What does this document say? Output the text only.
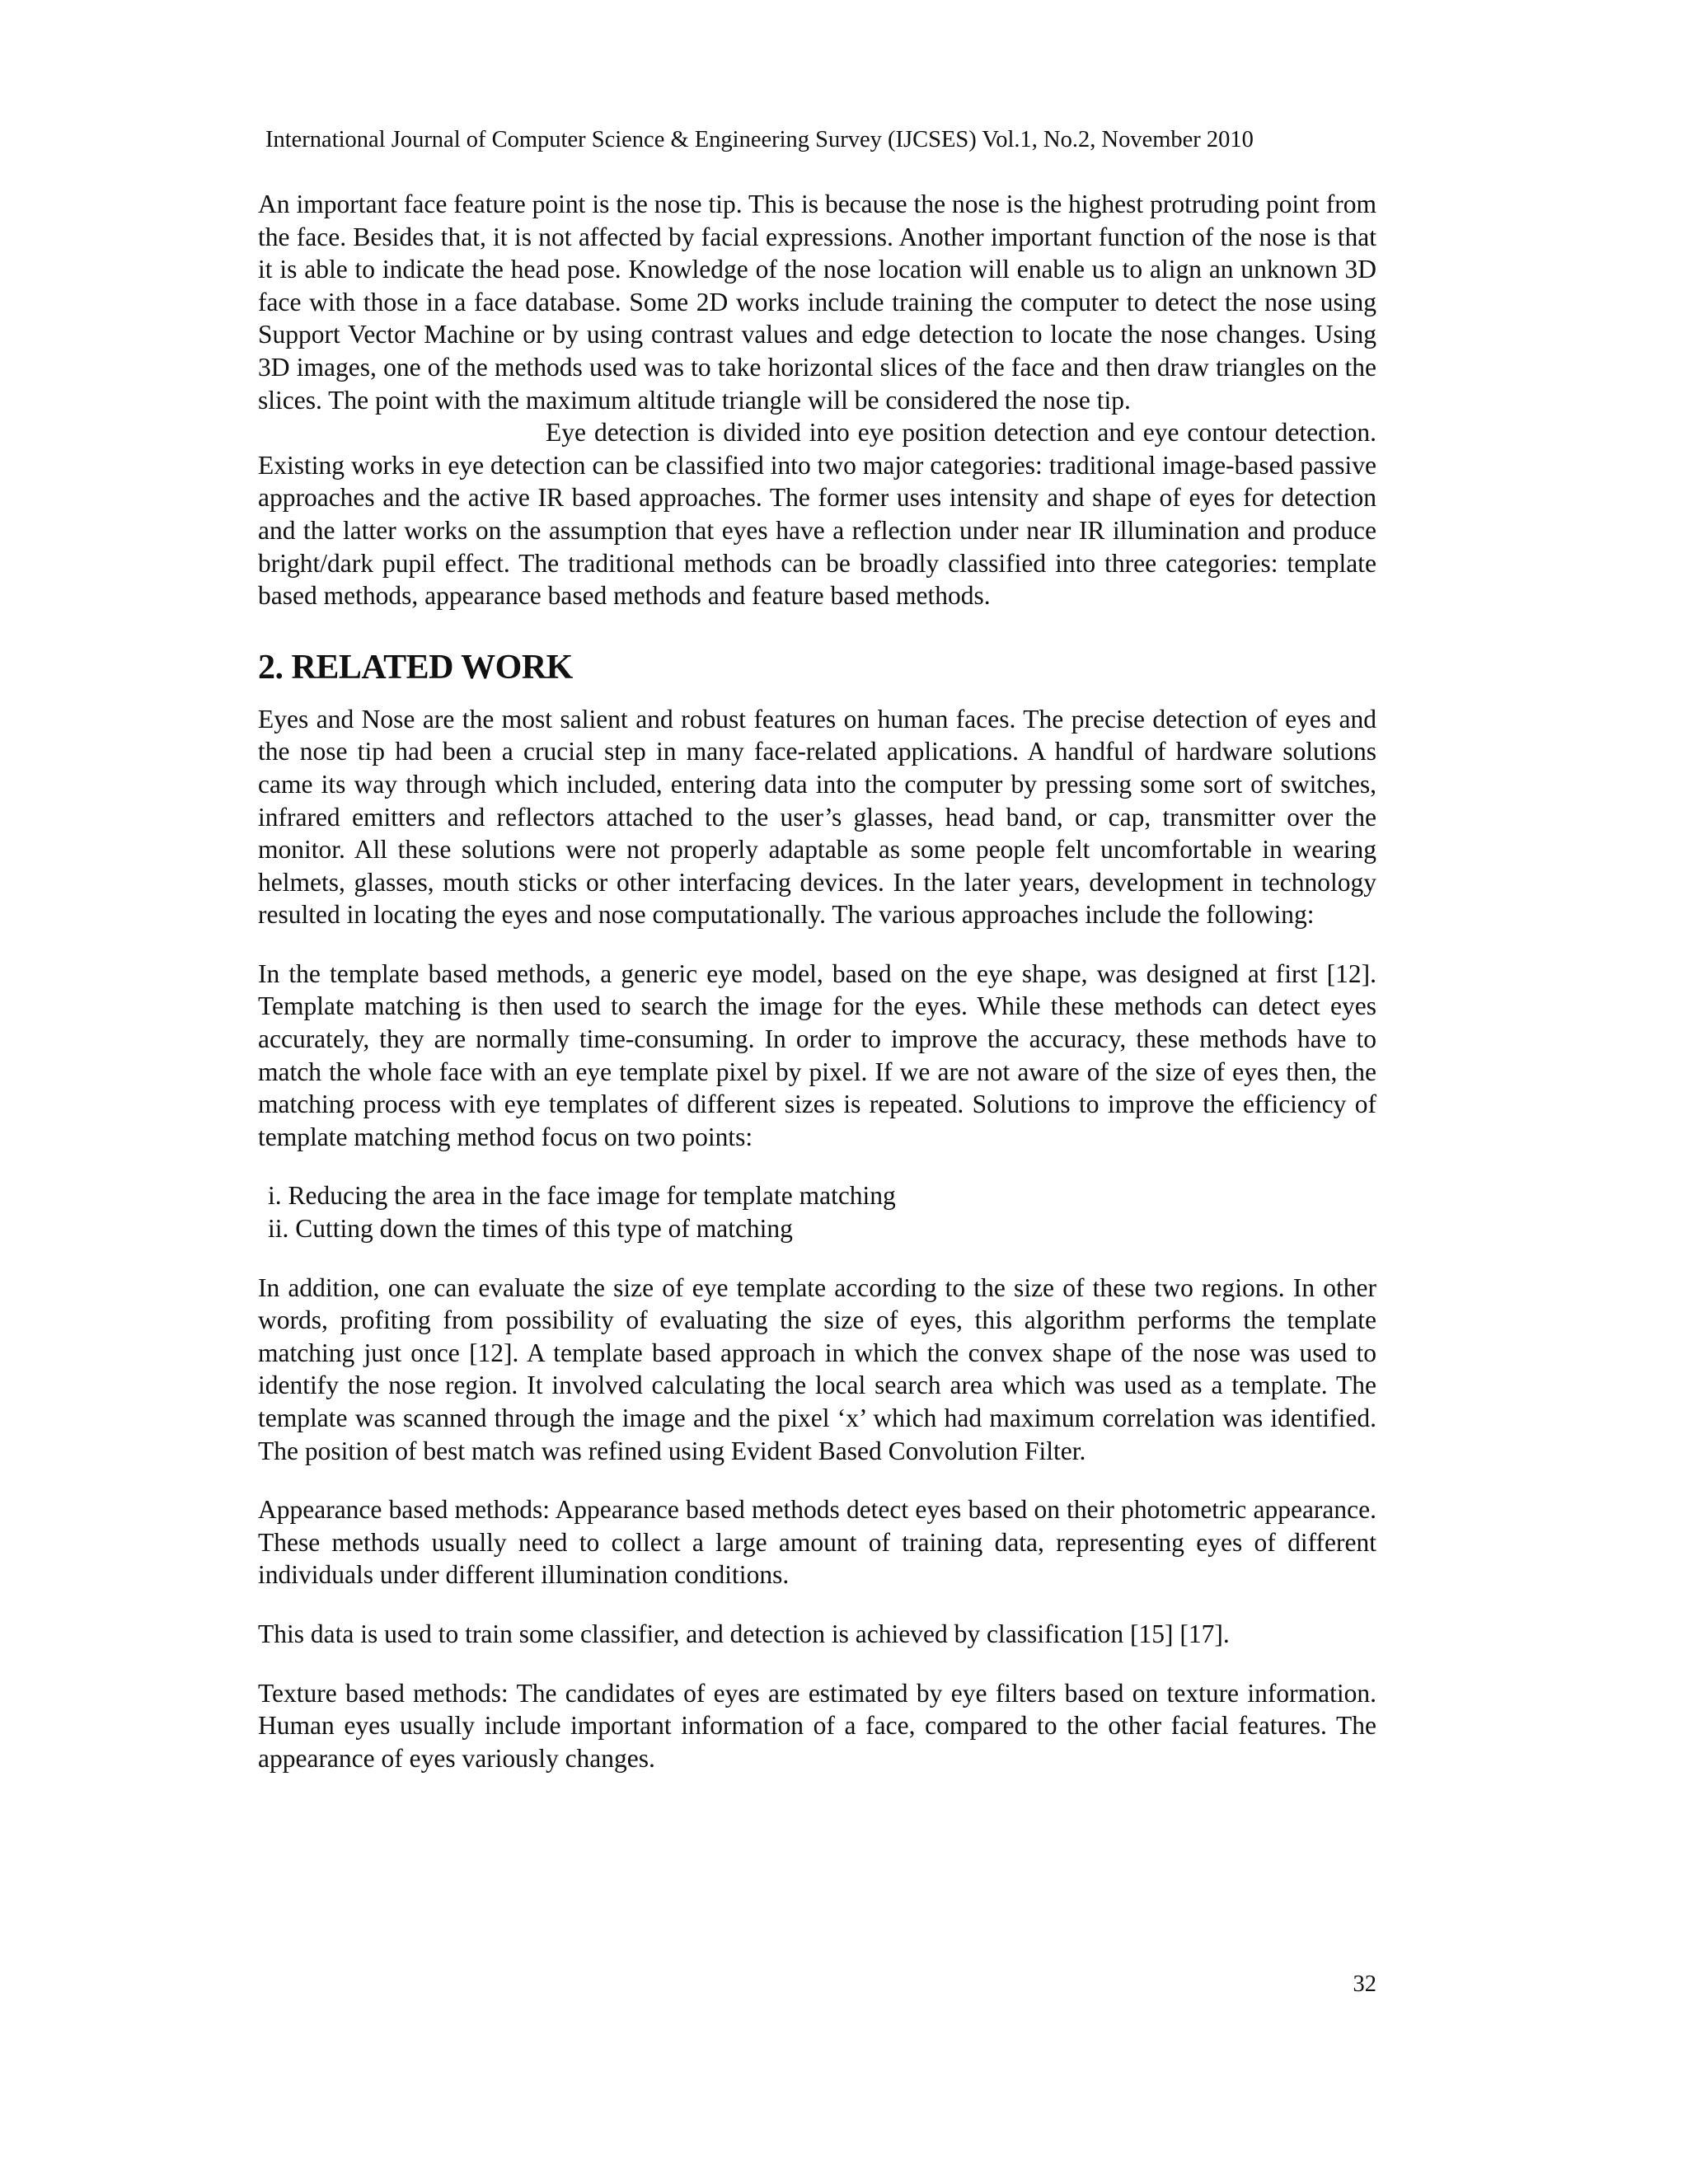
International Journal of Computer Science & Engineering Survey (IJCSES) Vol.1, No.2, November 2010

An important face feature point is the nose tip. This is because the nose is the highest protruding point from the face. Besides that, it is not affected by facial expressions. Another important function of the nose is that it is able to indicate the head pose. Knowledge of the nose location will enable us to align an unknown 3D face with those in a face database. Some 2D works include training the computer to detect the nose using Support Vector Machine or by using contrast values and edge detection to locate the nose changes. Using 3D images, one of the methods used was to take horizontal slices of the face and then draw triangles on the slices. The point with the maximum altitude triangle will be considered the nose tip.

Eye detection is divided into eye position detection and eye contour detection. Existing works in eye detection can be classified into two major categories: traditional image-based passive approaches and the active IR based approaches. The former uses intensity and shape of eyes for detection and the latter works on the assumption that eyes have a reflection under near IR illumination and produce bright/dark pupil effect. The traditional methods can be broadly classified into three categories: template based methods, appearance based methods and feature based methods.

2. RELATED WORK

Eyes and Nose are the most salient and robust features on human faces. The precise detection of eyes and the nose tip had been a crucial step in many face-related applications. A handful of hardware solutions came its way through which included, entering data into the computer by pressing some sort of switches, infrared emitters and reflectors attached to the user’s glasses, head band, or cap, transmitter over the monitor. All these solutions were not properly adaptable as some people felt uncomfortable in wearing helmets, glasses, mouth sticks or other interfacing devices. In the later years, development in technology resulted in locating the eyes and nose computationally. The various approaches include the following:

In the template based methods, a generic eye model, based on the eye shape, was designed at first [12]. Template matching is then used to search the image for the eyes. While these methods can detect eyes accurately, they are normally time-consuming. In order to improve the accuracy, these methods have to match the whole face with an eye template pixel by pixel. If we are not aware of the size of eyes then, the matching process with eye templates of different sizes is repeated. Solutions to improve the efficiency of template matching method focus on two points:

i. Reducing the area in the face image for template matching
ii. Cutting down the times of this type of matching

In addition, one can evaluate the size of eye template according to the size of these two regions. In other words, profiting from possibility of evaluating the size of eyes, this algorithm performs the template matching just once [12]. A template based approach in which the convex shape of the nose was used to identify the nose region. It involved calculating the local search area which was used as a template. The template was scanned through the image and the pixel ‘x’ which had maximum correlation was identified. The position of best match was refined using Evident Based Convolution Filter.

Appearance based methods: Appearance based methods detect eyes based on their photometric appearance. These methods usually need to collect a large amount of training data, representing eyes of different individuals under different illumination conditions.

This data is used to train some classifier, and detection is achieved by classification [15] [17].

Texture based methods: The candidates of eyes are estimated by eye filters based on texture information. Human eyes usually include important information of a face, compared to the other facial features. The appearance of eyes variously changes.

32
